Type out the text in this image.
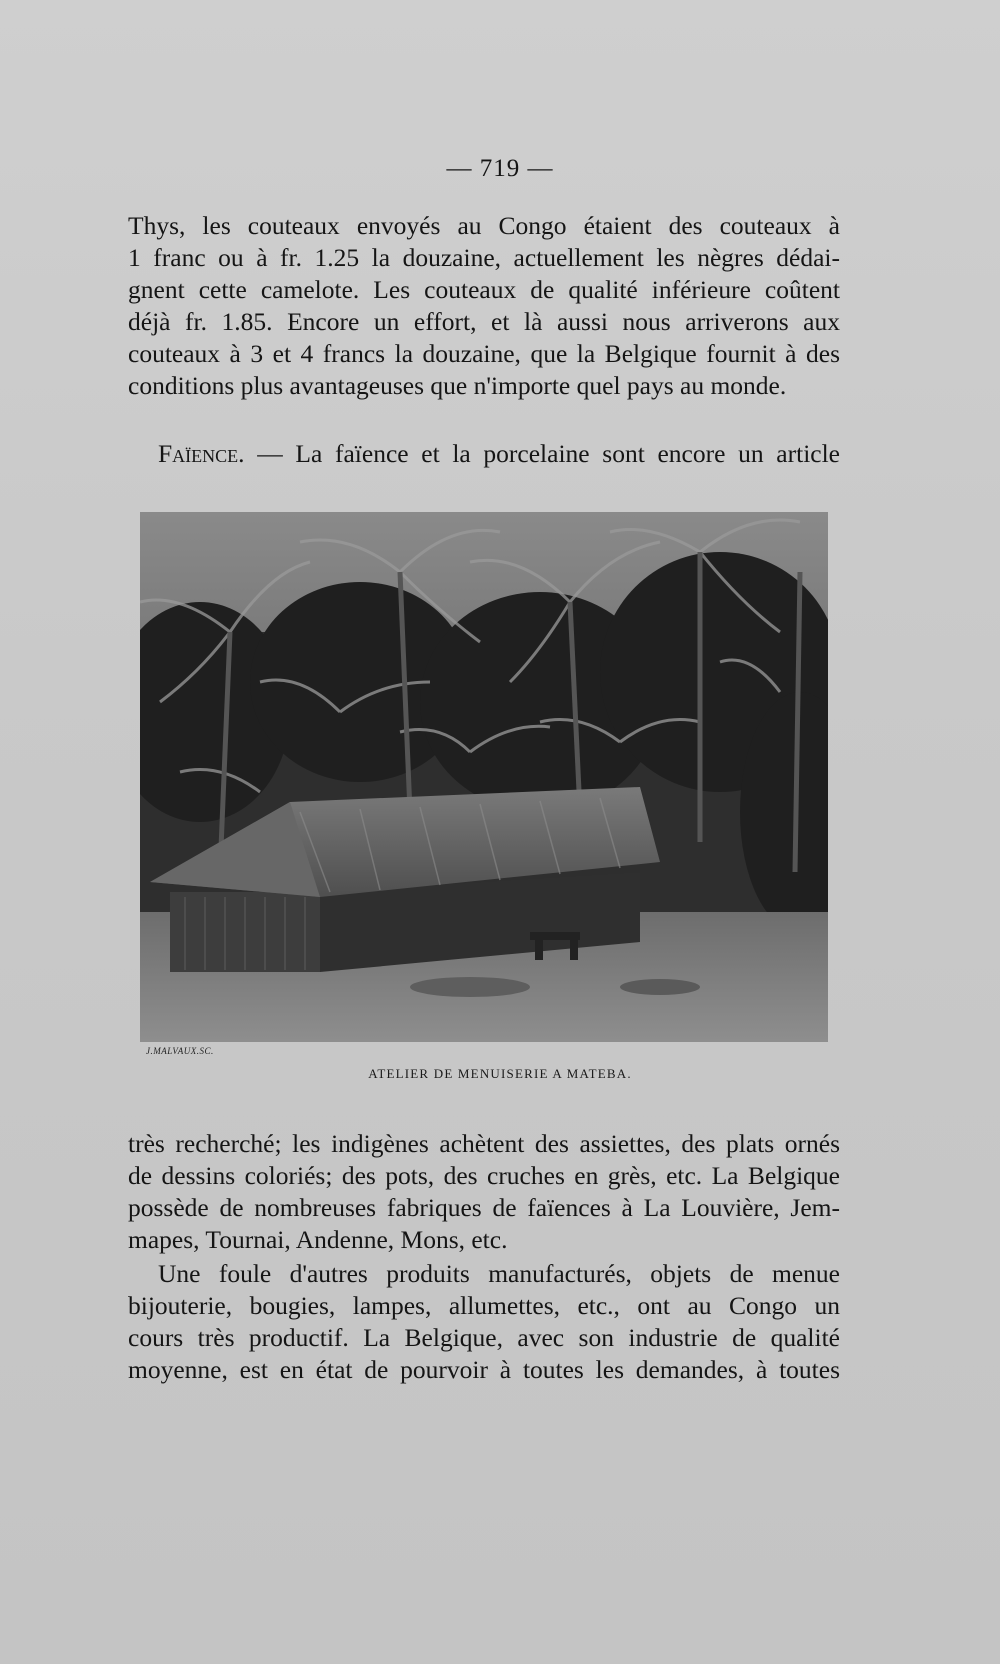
— 719 —
Thys, les couteaux envoyés au Congo étaient des couteaux à
1 franc ou à fr. 1.25 la douzaine, actuellement les nègres dédai-
gnent cette camelote. Les couteaux de qualité inférieure coûtent
déjà fr. 1.85. Encore un effort, et là aussi nous arriverons aux
couteaux à 3 et 4 francs la douzaine, que la Belgique fournit à des
conditions plus avantageuses que n'importe quel pays au monde.
Faïence. — La faïence et la porcelaine sont encore un article
J.MALVAUX.SC.
ATELIER DE MENUISERIE A MATEBA.
très recherché; les indigènes achètent des assiettes, des plats ornés
de dessins coloriés; des pots, des cruches en grès, etc. La Belgique
possède de nombreuses fabriques de faïences à La Louvière, Jem-
mapes, Tournai, Andenne, Mons, etc.
Une foule d'autres produits manufacturés, objets de menue
bijouterie, bougies, lampes, allumettes, etc., ont au Congo un
cours très productif. La Belgique, avec son industrie de qualité
moyenne, est en état de pourvoir à toutes les demandes, à toutes
